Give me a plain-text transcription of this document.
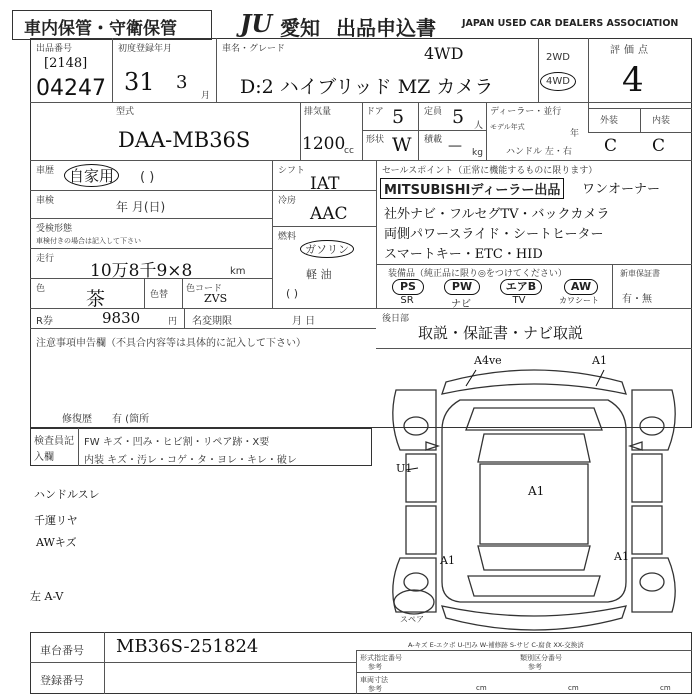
車内保管・守衛保管	JU 愛知 出品申込書	JAPAN USED CAR DEALERS ASSOCIATION
出品番号
[2148]
04247
初度登録年月
31 3
月
車名・グレード	4WD
D:2 ハイブリッド MZ カメラ
2WD
4WD
評価点
4
型式
DAA-MB36S
排気量
1200
cc
ドア 5 定員 5 人
形状 W 積載 — kg
ディーラー・並行
モデル年式
年
ハンドル 左・右
外装	内装
C C
車歴 自家用	( )
車検	年 月(日)
受検形態
車検付きの場合は記入して下さい
走行
10万8千9×8	km
色 茶	色替
色コード
ZVS
シフト
IAT
冷房
AAC
燃料
ガソリン
軽 油
( )
セールスポイント（正常に機能するものに限ります）
MITSUBISHIディーラー出品	ワンオーナー
社外ナビ・フルセグTV・バックカメラ
両側パワースライド・シートヒーター
スマートキー・ETC・HID
装備品（純正品に限り◎をつけてください）
PS	PW	エアB	AW
SR	ナビ	TV	カワシート
新車保証書
有・無
R券	9830	円 名変期限	月 日	後日部
取説・保証書・ナビ取説
注意事項申告欄（不具合内容等は具体的に記入して下さい）
修復歴 有 (箇所
検査員記入欄
FW キズ・凹み・ヒビ割・リペア跡・X要
内装 キズ・汚レ・コゲ・タ・ヨレ・キレ・破レ
ハンドルスレ
千運リヤ
AWキズ
左 A-V
A4ve	A1
U1
A1
A1	A1
スペア
A-キズ E-エクボ U-凹み W-補修跡 S-サビ C-腐食 XX-交換済
車台番号 MB36S-251824
登録番号
形式指定番号
参考
類別区分番号
参考
車両寸法
参考	cm	cm	cm
